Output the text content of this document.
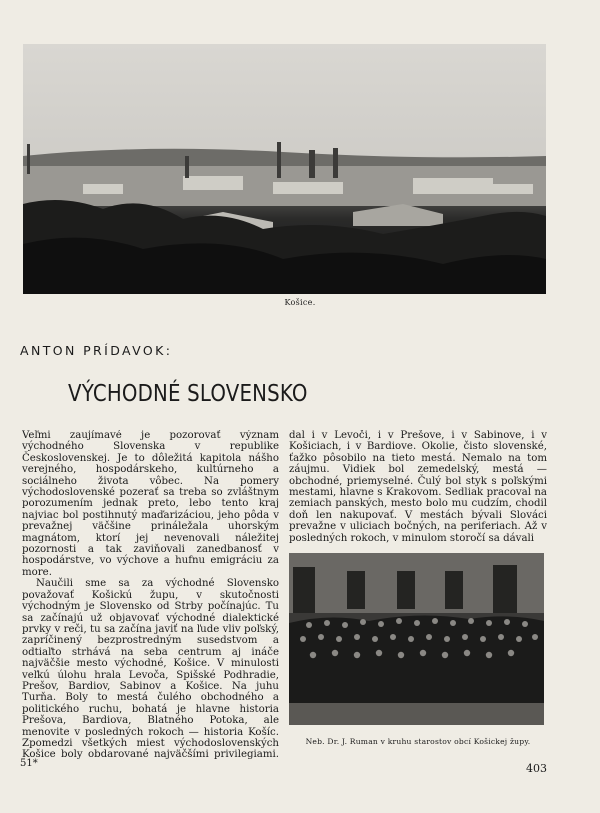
Košice.
ANTON PRÍDAVOK:
VÝCHODNÉ SLOVENSKO

Veľmi zaujímavé je pozorovať význam východného Slovenska v republike Československej. Je to dôležitá kapitola nášho verejného, hospodárskeho, kultúrneho a sociálneho života vôbec. Na pomery východoslovenské pozerať sa treba so zvláštnym porozumením jednak preto, lebo tento kraj najviac bol postihnutý maďarizáciou, jeho pôda v prevažnej väčšine prináležala uhorským magnátom, ktorí jej nevenovali náležitej pozornosti a tak zaviňovali zanedbanosť v hospodárstve, vo výchove a hufnu emigráciu za more.

Naučili sme sa za východné Slovensko považovať Košickú župu, v skutočnosti východným je Slovensko od Strby počínajúc. Tu sa začínajú už objavovať východné dialektické prvky v reči, tu sa začína javiť na ľude vliv poľský, zapríčinený bezprostredným susedstvom a odtiaľto strhává na seba centrum aj ináče najväčšie mesto východné, Košice. V minulosti veľkú úlohu hrala Levoča, Spišské Podhradie, Prešov, Bardiov, Sabinov a Košice. Na juhu Turňa. Boly to mestá čulého obchodného a politického ruchu, bohatá je hlavne historia Prešova, Bardiova, Blatného Potoka, ale menovite v posledných rokoch — historia Košíc. Zpomedzi všetkých miest východoslovenských Košice boly obdarované najväčšími privilegiami.

dal i v Levoči, i v Prešove, i v Sabinove, i v Košiciach, i v Bardiove. Okolie, čisto slovenské, ťažko pôsobilo na tieto mestá. Nemalo na tom záujmu. Vidiek bol zemedelský, mestá — obchodné, priemyselné. Čulý bol styk s poľskými mestami, hlavne s Krakovom. Sedliak pracoval na zemiach panských, mesto bolo mu cudzím, chodil doň len nakupovať. V mestách bývali Slováci prevažne v uliciach bočných, na periferiach. Až v posledných rokoch, v minulom storočí sa dávali

Neb. Dr. J. Ruman v kruhu starostov obcí Košickej župy.
51*	403
